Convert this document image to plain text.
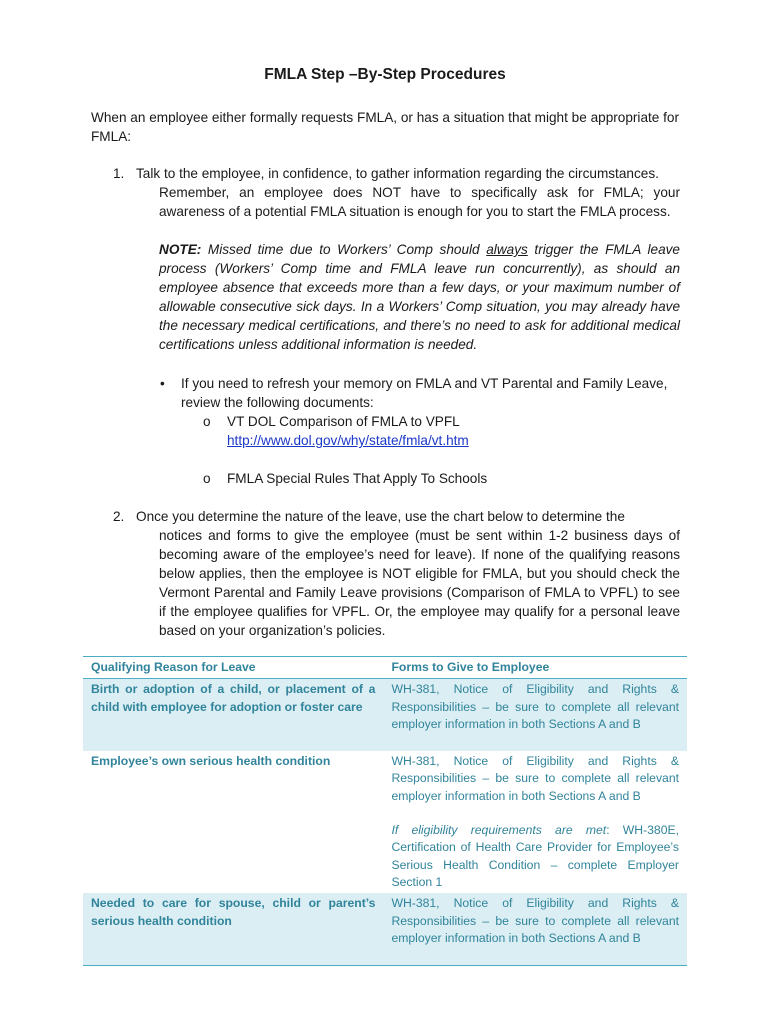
FMLA Step –By-Step Procedures
When an employee either formally requests FMLA, or has a situation that might be appropriate for FMLA:
1. Talk to the employee, in confidence, to gather information regarding the circumstances.
Remember, an employee does NOT have to specifically ask for FMLA; your awareness of a potential FMLA situation is enough for you to start the FMLA process.
NOTE: Missed time due to Workers’ Comp should always trigger the FMLA leave process (Workers’ Comp time and FMLA leave run concurrently), as should an employee absence that exceeds more than a few days, or your maximum number of allowable consecutive sick days. In a Workers’ Comp situation, you may already have the necessary medical certifications, and there’s no need to ask for additional medical certifications unless additional information is needed.
• If you need to refresh your memory on FMLA and VT Parental and Family Leave, review the following documents:
o VT DOL Comparison of FMLA to VPFL
http://www.dol.gov/why/state/fmla/vt.htm
o FMLA Special Rules That Apply To Schools
2. Once you determine the nature of the leave, use the chart below to determine the
notices and forms to give the employee (must be sent within 1-2 business days of becoming aware of the employee’s need for leave). If none of the qualifying reasons below applies, then the employee is NOT eligible for FMLA, but you should check the Vermont Parental and Family Leave provisions (Comparison of FMLA to VPFL) to see if the employee qualifies for VPFL. Or, the employee may qualify for a personal leave based on your organization’s policies.
Qualifying Reason for Leave	Forms to Give to Employee
Birth or adoption of a child, or placement of a child with employee for adoption or foster care	WH-381, Notice of Eligibility and Rights & Responsibilities – be sure to complete all relevant employer information in both Sections A and B
Employee’s own serious health condition	WH-381, Notice of Eligibility and Rights & Responsibilities – be sure to complete all relevant employer information in both Sections A and B
If eligibility requirements are met: WH-380E, Certification of Health Care Provider for Employee’s Serious Health Condition – complete Employer Section 1

Needed to care for spouse, child or parent’s serious health condition	WH-381, Notice of Eligibility and Rights & Responsibilities – be sure to complete all relevant employer information in both Sections A and B
